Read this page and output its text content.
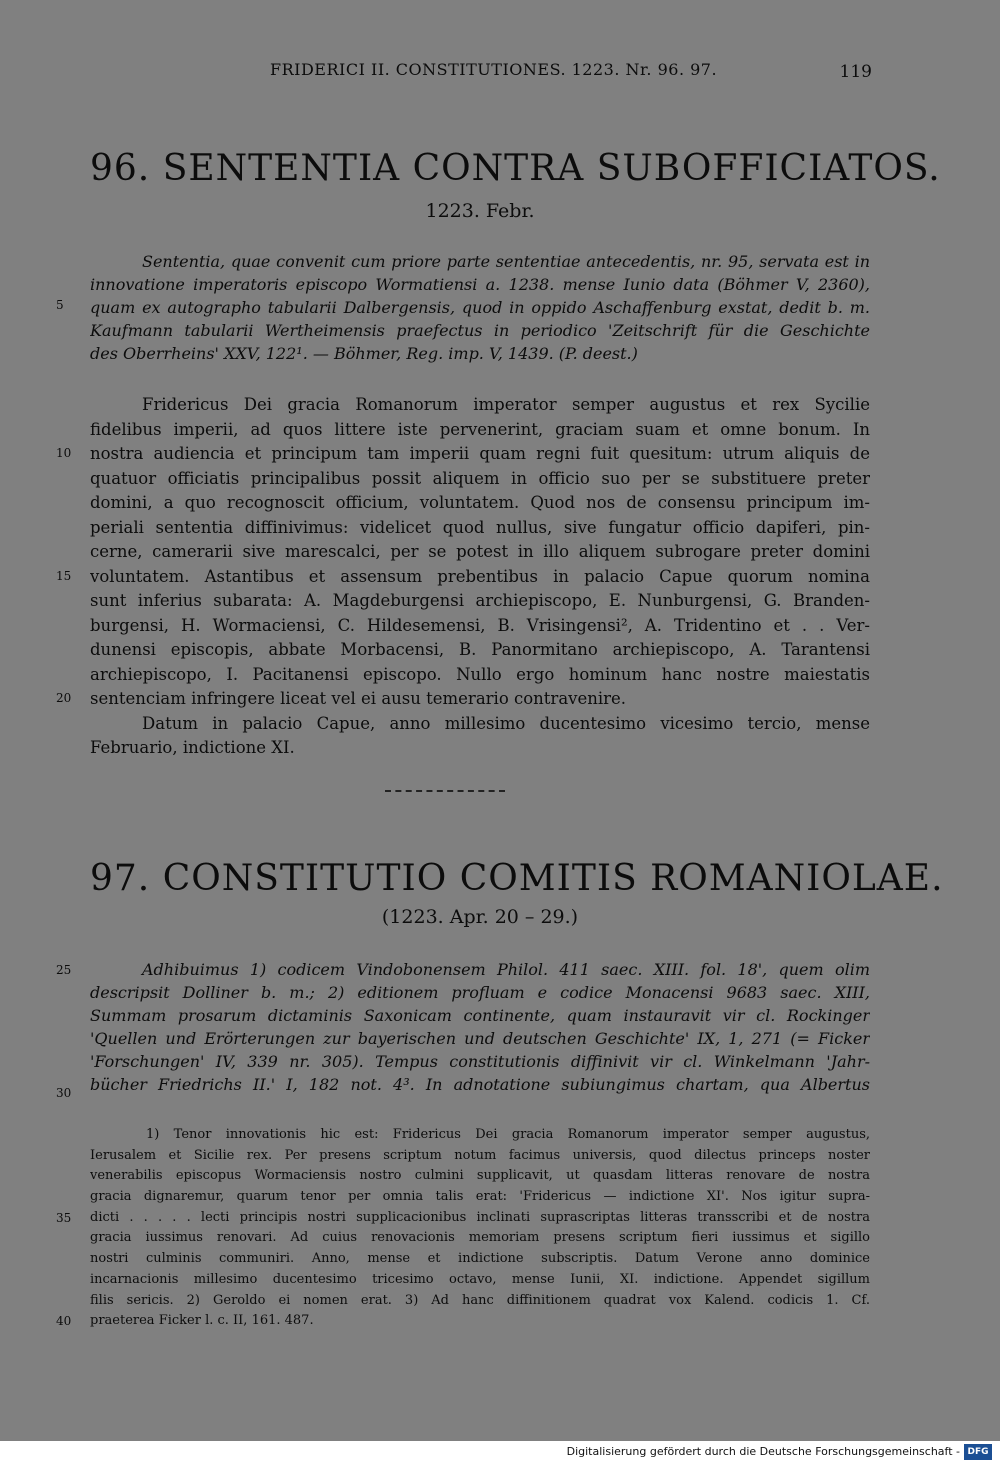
FRIDERICI II. CONSTITUTIONES. 1223. Nr. 96. 97.	119
96. SENTENTIA CONTRA SUBOFFICIATOS.
1223. Febr.
Sententia, quae convenit cum priore parte sententiae antecedentis, nr. 95, servata est in
innovatione imperatoris episcopo Wormatiensi a. 1238. mense Iunio data (Böhmer V, 2360),
quam ex autographo tabularii Dalbergensis, quod in oppido Aschaffenburg exstat, dedit b. m.
Kaufmann tabularii Wertheimensis praefectus in periodico 'Zeitschrift für die Geschichte
des Oberrheins' XXV, 122¹. — Böhmer, Reg. imp. V, 1439. (P. deest.)
Fridericus Dei gracia Romanorum imperator semper augustus et rex Sycilie
fidelibus imperii, ad quos littere iste pervenerint, graciam suam et omne bonum. In
nostra audiencia et principum tam imperii quam regni fuit quesitum: utrum aliquis de
quatuor officiatis principalibus possit aliquem in officio suo per se substituere preter
domini, a quo recognoscit officium, voluntatem. Quod nos de consensu principum im-
periali sententia diffinivimus: videlicet quod nullus, sive fungatur officio dapiferi, pin-
cerne, camerarii sive marescalci, per se potest in illo aliquem subrogare preter domini
voluntatem. Astantibus et assensum prebentibus in palacio Capue quorum nomina
sunt inferius subarata: A. Magdeburgensi archiepiscopo, E. Nunburgensi, G. Branden-
burgensi, H. Wormaciensi, C. Hildesemensi, B. Vrisingensi², A. Tridentino et . . Ver-
dunensi episcopis, abbate Morbacensi, B. Panormitano archiepiscopo, A. Tarantensi
archiepiscopo, I. Pacitanensi episcopo. Nullo ergo hominum hanc nostre maiestatis
sentenciam infringere liceat vel ei ausu temerario contravenire.
Datum in palacio Capue, anno millesimo ducentesimo vicesimo tercio, mense
Februario, indictione XI.
97. CONSTITUTIO COMITIS ROMANIOLAE.
(1223. Apr. 20 – 29.)
Adhibuimus 1) codicem Vindobonensem Philol. 411 saec. XIII. fol. 18', quem olim
descripsit Dolliner b. m.; 2) editionem profluam e codice Monacensi 9683 saec. XIII,
Summam prosarum dictaminis Saxonicam continente, quam instauravit vir cl. Rockinger
'Quellen und Erörterungen zur bayerischen und deutschen Geschichte' IX, 1, 271 (= Ficker
'Forschungen' IV, 339 nr. 305). Tempus constitutionis diffinivit vir cl. Winkelmann 'Jahr-
bücher Friedrichs II.' I, 182 not. 4³. In adnotatione subiungimus chartam, qua Albertus
1) Tenor innovationis hic est: Fridericus Dei gracia Romanorum imperator semper augustus,
Ierusalem et Sicilie rex. Per presens scriptum notum facimus universis, quod dilectus princeps noster
venerabilis episcopus Wormaciensis nostro culmini supplicavit, ut quasdam litteras renovare de nostra
gracia dignaremur, quarum tenor per omnia talis erat: 'Fridericus — indictione XI'. Nos igitur supra-
dicti . . . . . lecti principis nostri supplicacionibus inclinati suprascriptas litteras transscribi et de nostra
gracia iussimus renovari. Ad cuius renovacionis memoriam presens scriptum fieri iussimus et sigillo
nostri culminis communiri. Anno, mense et indictione subscriptis. Datum Verone anno dominice
incarnacionis millesimo ducentesimo tricesimo octavo, mense Iunii, XI. indictione. Appendet sigillum
filis sericis. 2) Geroldo ei nomen erat. 3) Ad hanc diffinitionem quadrat vox Kalend. codicis 1. Cf.
praeterea Ficker l. c. II, 161. 487.
5
10
15
20
25
30
35
40
Digitalisierung gefördert durch die Deutsche Forschungsgemeinschaft - DFG
